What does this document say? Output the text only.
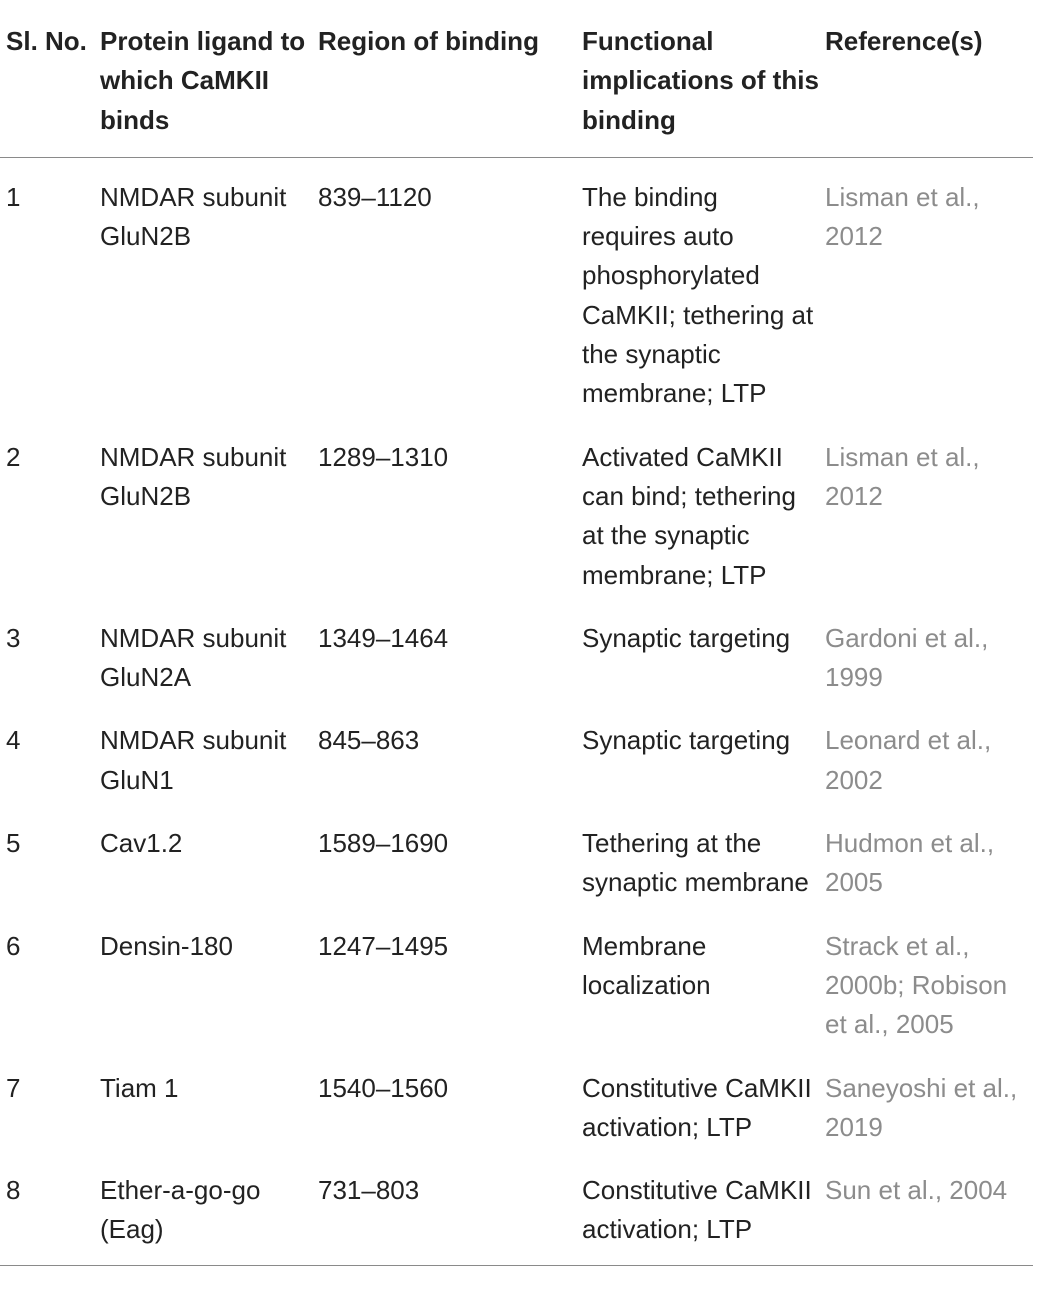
Sl. No.	Protein ligand to which CaMKII binds	Region of binding	Functional implications of this binding	Reference(s)
1	NMDAR subunit GluN2B	839–1120	The binding requires auto phosphorylated CaMKII; tethering at the synaptic membrane; LTP	Lisman et al., 2012
2	NMDAR subunit GluN2B	1289–1310	Activated CaMKII can bind; tethering at the synaptic membrane; LTP	Lisman et al., 2012
3	NMDAR subunit GluN2A	1349–1464	Synaptic targeting	Gardoni et al., 1999
4	NMDAR subunit GluN1	845–863	Synaptic targeting	Leonard et al., 2002
5	Cav1.2	1589–1690	Tethering at the synaptic membrane	Hudmon et al., 2005
6	Densin-180	1247–1495	Membrane localization	Strack et al., 2000b; Robison et al., 2005
7	Tiam 1	1540–1560	Constitutive CaMKII activation; LTP	Saneyoshi et al., 2019
8	Ether-a-go-go (Eag)	731–803	Constitutive CaMKII activation; LTP	Sun et al., 2004
